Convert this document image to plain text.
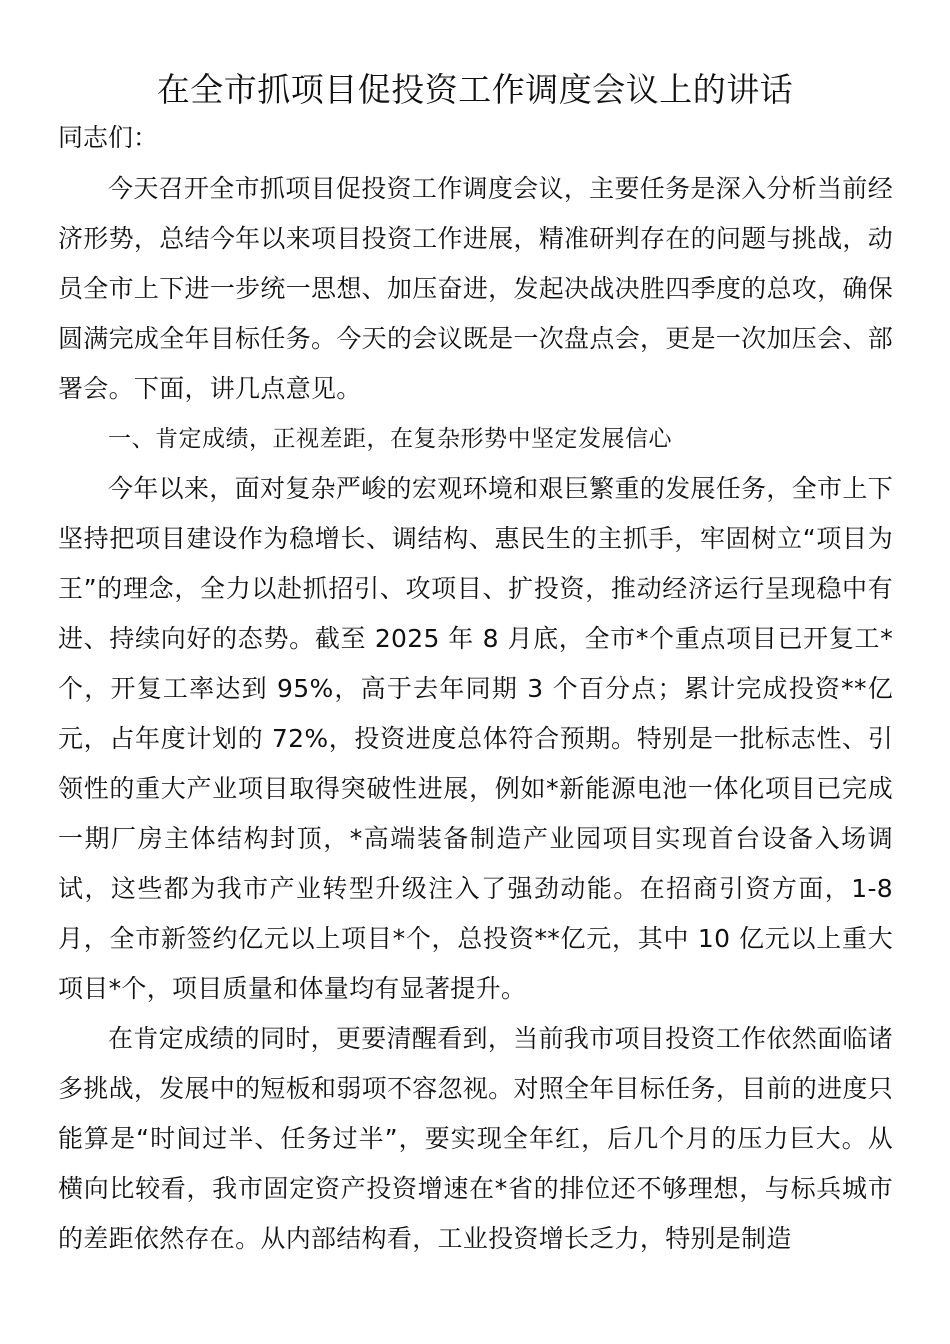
在全市抓项目促投资工作调度会议上的讲话
同志们：

今天召开全市抓项目促投资工作调度会议，主要任务是深入分析当前经济形势，总结今年以来项目投资工作进展，精准研判存在的问题与挑战，动员全市上下进一步统一思想、加压奋进，发起决战决胜四季度的总攻，确保圆满完成全年目标任务。今天的会议既是一次盘点会，更是一次加压会、部署会。下面，讲几点意见。

一、肯定成绩，正视差距，在复杂形势中坚定发展信心

今年以来，面对复杂严峻的宏观环境和艰巨繁重的发展任务，全市上下坚持把项目建设作为稳增长、调结构、惠民生的主抓手，牢固树立“项目为王”的理念，全力以赴抓招引、攻项目、扩投资，推动经济运行呈现稳中有进、持续向好的态势。截至 2025 年 8 月底，全市*个重点项目已开复工*个，开复工率达到 95%，高于去年同期 3 个百分点；累计完成投资**亿元，占年度计划的 72%，投资进度总体符合预期。特别是一批标志性、引领性的重大产业项目取得突破性进展，例如*新能源电池一体化项目已完成一期厂房主体结构封顶，*高端装备制造产业园项目实现首台设备入场调试，这些都为我市产业转型升级注入了强劲动能。在招商引资方面，1-8 月，全市新签约亿元以上项目*个，总投资**亿元，其中 10 亿元以上重大项目*个，项目质量和体量均有显著提升。

在肯定成绩的同时，更要清醒看到，当前我市项目投资工作依然面临诸多挑战，发展中的短板和弱项不容忽视。对照全年目标任务，目前的进度只能算是“时间过半、任务过半”，要实现全年红，后几个月的压力巨大。从横向比较看，我市固定资产投资增速在*省的排位还不够理想，与标兵城市的差距依然存在。从内部结构看，工业投资增长乏力，特别是制造
